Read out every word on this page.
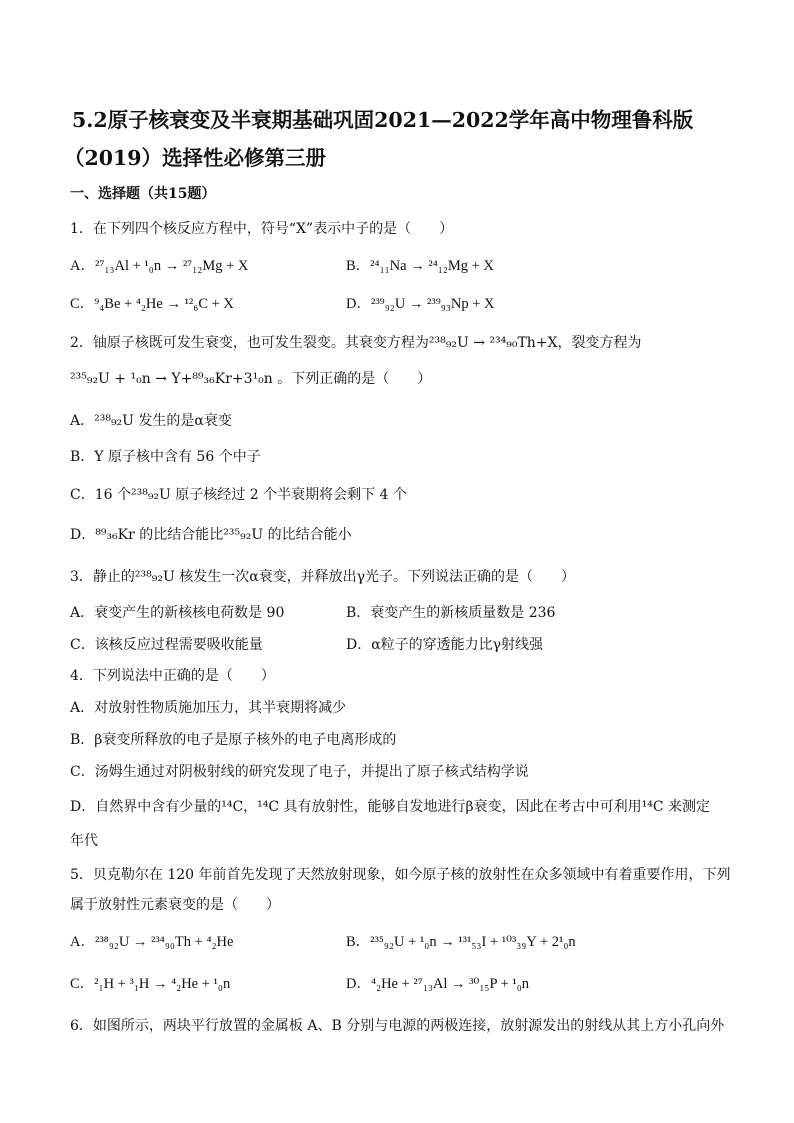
5.2原子核衰变及半衰期基础巩固2021—2022学年高中物理鲁科版
（2019）选择性必修第三册
一、选择题（共15题）
1．在下列四个核反应方程中，符号“X”表示中子的是（　　）
A．²⁷₁₃Al + ¹₀n → ²⁷₁₂Mg + X	B．²⁴₁₁Na → ²⁴₁₂Mg + X
C．⁹₄Be + ⁴₂He → ¹²₆C + X	D．²³⁹₉₂U → ²³⁹₉₃Np + X
2．铀原子核既可发生衰变，也可发生裂变。其衰变方程为²³⁸₉₂U → ²³⁴₉₀Th+X，裂变方程为
²³⁵₉₂U + ¹₀n → Y+⁸⁹₃₆Kr+3¹₀n 。下列正确的是（　　）
A．²³⁸₉₂U 发生的是α衰变
B．Y 原子核中含有 56 个中子
C．16 个²³⁸₉₂U 原子核经过 2 个半衰期将会剩下 4 个
D．⁸⁹₃₆Kr 的比结合能比²³⁵₉₂U 的比结合能小
3．静止的²³⁸₉₂U 核发生一次α衰变，并释放出γ光子。下列说法正确的是（　　）
A．衰变产生的新核核电荷数是 90	B．衰变产生的新核质量数是 236
C．该核反应过程需要吸收能量	D．α粒子的穿透能力比γ射线强
4．下列说法中正确的是（　　）
A．对放射性物质施加压力，其半衰期将减少
B．β衰变所释放的电子是原子核外的电子电离形成的
C．汤姆生通过对阴极射线的研究发现了电子，并提出了原子核式结构学说
D．自然界中含有少量的¹⁴C，¹⁴C 具有放射性，能够自发地进行β衰变，因此在考古中可利用¹⁴C 来测定
年代
5．贝克勒尔在 120 年前首先发现了天然放射现象，如今原子核的放射性在众多领域中有着重要作用，下列
属于放射性元素衰变的是（　　）
A．²³⁸₉₂U → ²³⁴₉₀Th + ⁴₂He	B．²³⁵₉₂U + ¹₀n → ¹³¹₅₃I + ¹⁰³₃₉Y + 2¹₀n
C．²₁H + ³₁H → ⁴₂He + ¹₀n	D．⁴₂He + ²⁷₁₃Al → ³⁰₁₅P + ¹₀n
6．如图所示，两块平行放置的金属板 A、B 分别与电源的两极连接，放射源发出的射线从其上方小孔向外
